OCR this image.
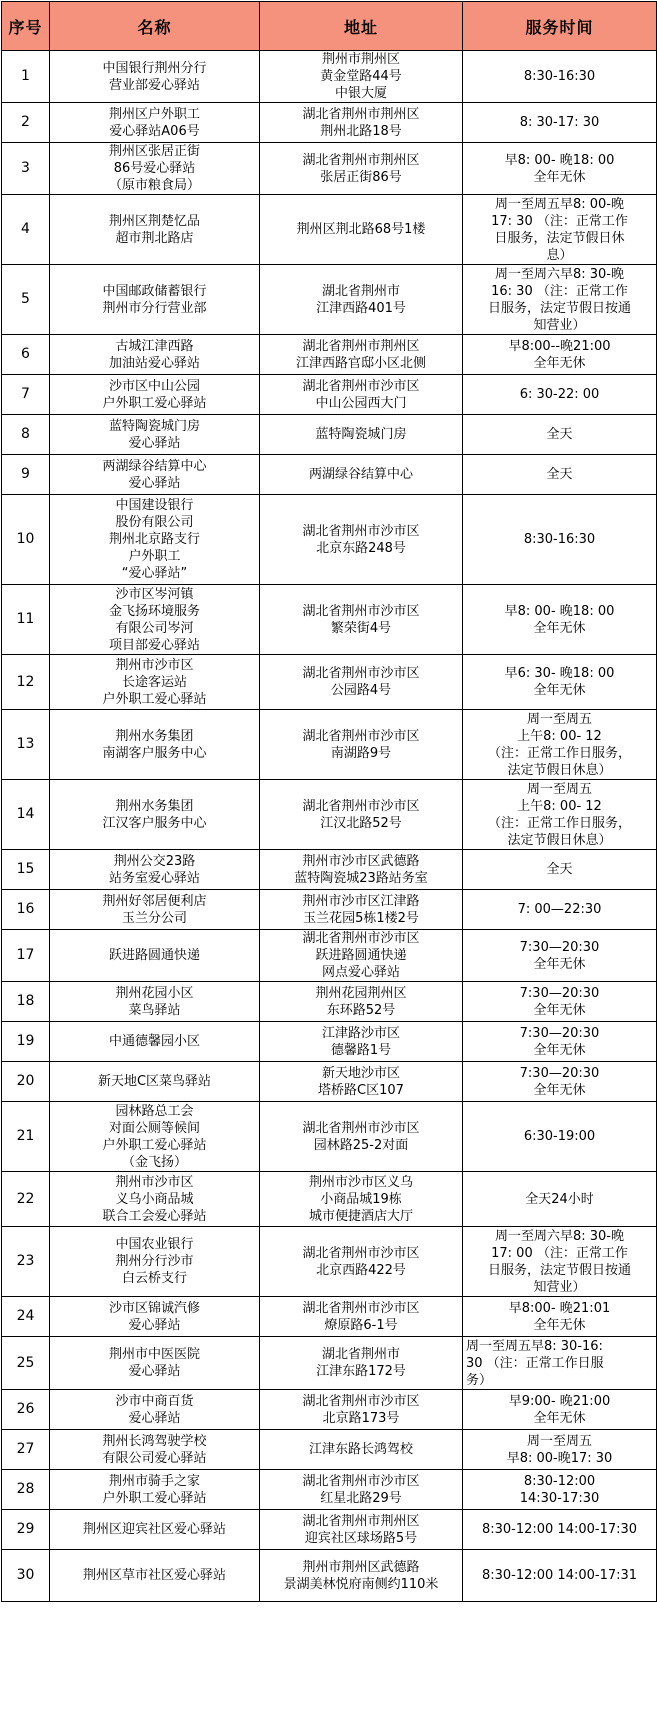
序号	名称	地址	服务时间
1	中国银行荆州分行
营业部爱心驿站	荆州市荆州区
黄金堂路44号
中银大厦	8:30-16:30
2	荆州区户外职工
爱心驿站A06号	湖北省荆州市荆州区
荆州北路18号	8: 30-17: 30
3	荆州区张居正街
86号爱心驿站
（原市粮食局）	湖北省荆州市荆州区
张居正街86号	早8: 00- 晚18: 00
全年无休
4	荆州区荆楚忆品
超市荆北路店	荆州区荆北路68号1楼	周一至周五早8: 00-晚
17: 30 （注：正常工作
日服务，法定节假日休
息）
5	中国邮政储蓄银行
荆州市分行营业部	湖北省荆州市
江津西路401号	周一至周六早8: 30-晚
16: 30 （注：正常工作
日服务，法定节假日按通
知营业）
6	古城江津西路
加油站爱心驿站	湖北省荆州市荆州区
江津西路官邸小区北侧	早8:00--晚21:00
全年无休
7	沙市区中山公园
户外职工爱心驿站	湖北省荆州市沙市区
中山公园西大门	6: 30-22: 00
8	蓝特陶瓷城门房
爱心驿站	蓝特陶瓷城门房	全天
9	两湖绿谷结算中心
爱心驿站	两湖绿谷结算中心	全天
10	中国建设银行
股份有限公司
荆州北京路支行
户外职工
“爱心驿站”	湖北省荆州市沙市区
北京东路248号	8:30-16:30
11	沙市区岑河镇
金飞扬环境服务
有限公司岑河
项目部爱心驿站	湖北省荆州市沙市区
繁荣街4号	早8: 00- 晚18: 00
全年无休
12	荆州市沙市区
长途客运站
户外职工爱心驿站	湖北省荆州市沙市区
公园路4号	早6: 30- 晚18: 00
全年无休
13	荆州水务集团
南湖客户服务中心	湖北省荆州市沙市区
南湖路9号	周一至周五
上午8: 00- 12
（注：正常工作日服务，
法定节假日休息）
14	荆州水务集团
江汉客户服务中心	湖北省荆州市沙市区
江汉北路52号	周一至周五
上午8: 00- 12
（注：正常工作日服务，
法定节假日休息）
15	荆州公交23路
站务室爱心驿站	荆州市沙市区武德路
蓝特陶瓷城23路站务室	全天
16	荆州好邻居便利店
玉兰分公司	荆州市沙市区江津路
玉兰花园5栋1楼2号	7: 00—22:30
17	跃进路圆通快递	湖北省荆州市沙市区
跃进路圆通快递
网点爱心驿站	7:30—20:30
全年无休
18	荆州花园小区
菜鸟驿站	荆州花园荆州区
东环路52号	7:30—20:30
全年无休
19	中通德馨园小区	江津路沙市区
德馨路1号	7:30—20:30
全年无休
20	新天地C区菜鸟驿站	新天地沙市区
塔桥路C区107	7:30—20:30
全年无休
21	园林路总工会
对面公厕等候间
户外职工爱心驿站
（金飞扬）	湖北省荆州市沙市区
园林路25-2对面	6:30-19:00
22	荆州市沙市区
义乌小商品城
联合工会爱心驿站	荆州市沙市区义乌
小商品城19栋
城市便捷酒店大厅	全天24小时
23	中国农业银行
荆州分行沙市
白云桥支行	湖北省荆州市沙市区
北京西路422号	周一至周六早8: 30-晚
17: 00 （注：正常工作
日服务，法定节假日按通
知营业）
24	沙市区锦诚汽修
爱心驿站	湖北省荆州市沙市区
燎原路6-1号	早8:00- 晚21:01
全年无休
25	荆州市中医医院
爱心驿站	湖北省荆州市
江津东路172号	周一至周五早8: 30-16:
30 （注：正常工作日服
务）
26	沙市中商百货
爱心驿站	湖北省荆州市沙市区
北京路173号	早9:00- 晚21:00
全年无休
27	荆州长鸿驾驶学校
有限公司爱心驿站	江津东路长鸿驾校	周一至周五
早8: 00-晚17: 30
28	荆州市骑手之家
户外职工爱心驿站	湖北省荆州市沙市区
红星北路29号	8:30-12:00
14:30-17:30
29	荆州区迎宾社区爱心驿站	湖北省荆州市荆州区
迎宾社区球场路5号	8:30-12:00 14:00-17:30
30	荆州区草市社区爱心驿站	荆州市荆州区武德路
景湖美林悦府南侧约110米	8:30-12:00 14:00-17:31
